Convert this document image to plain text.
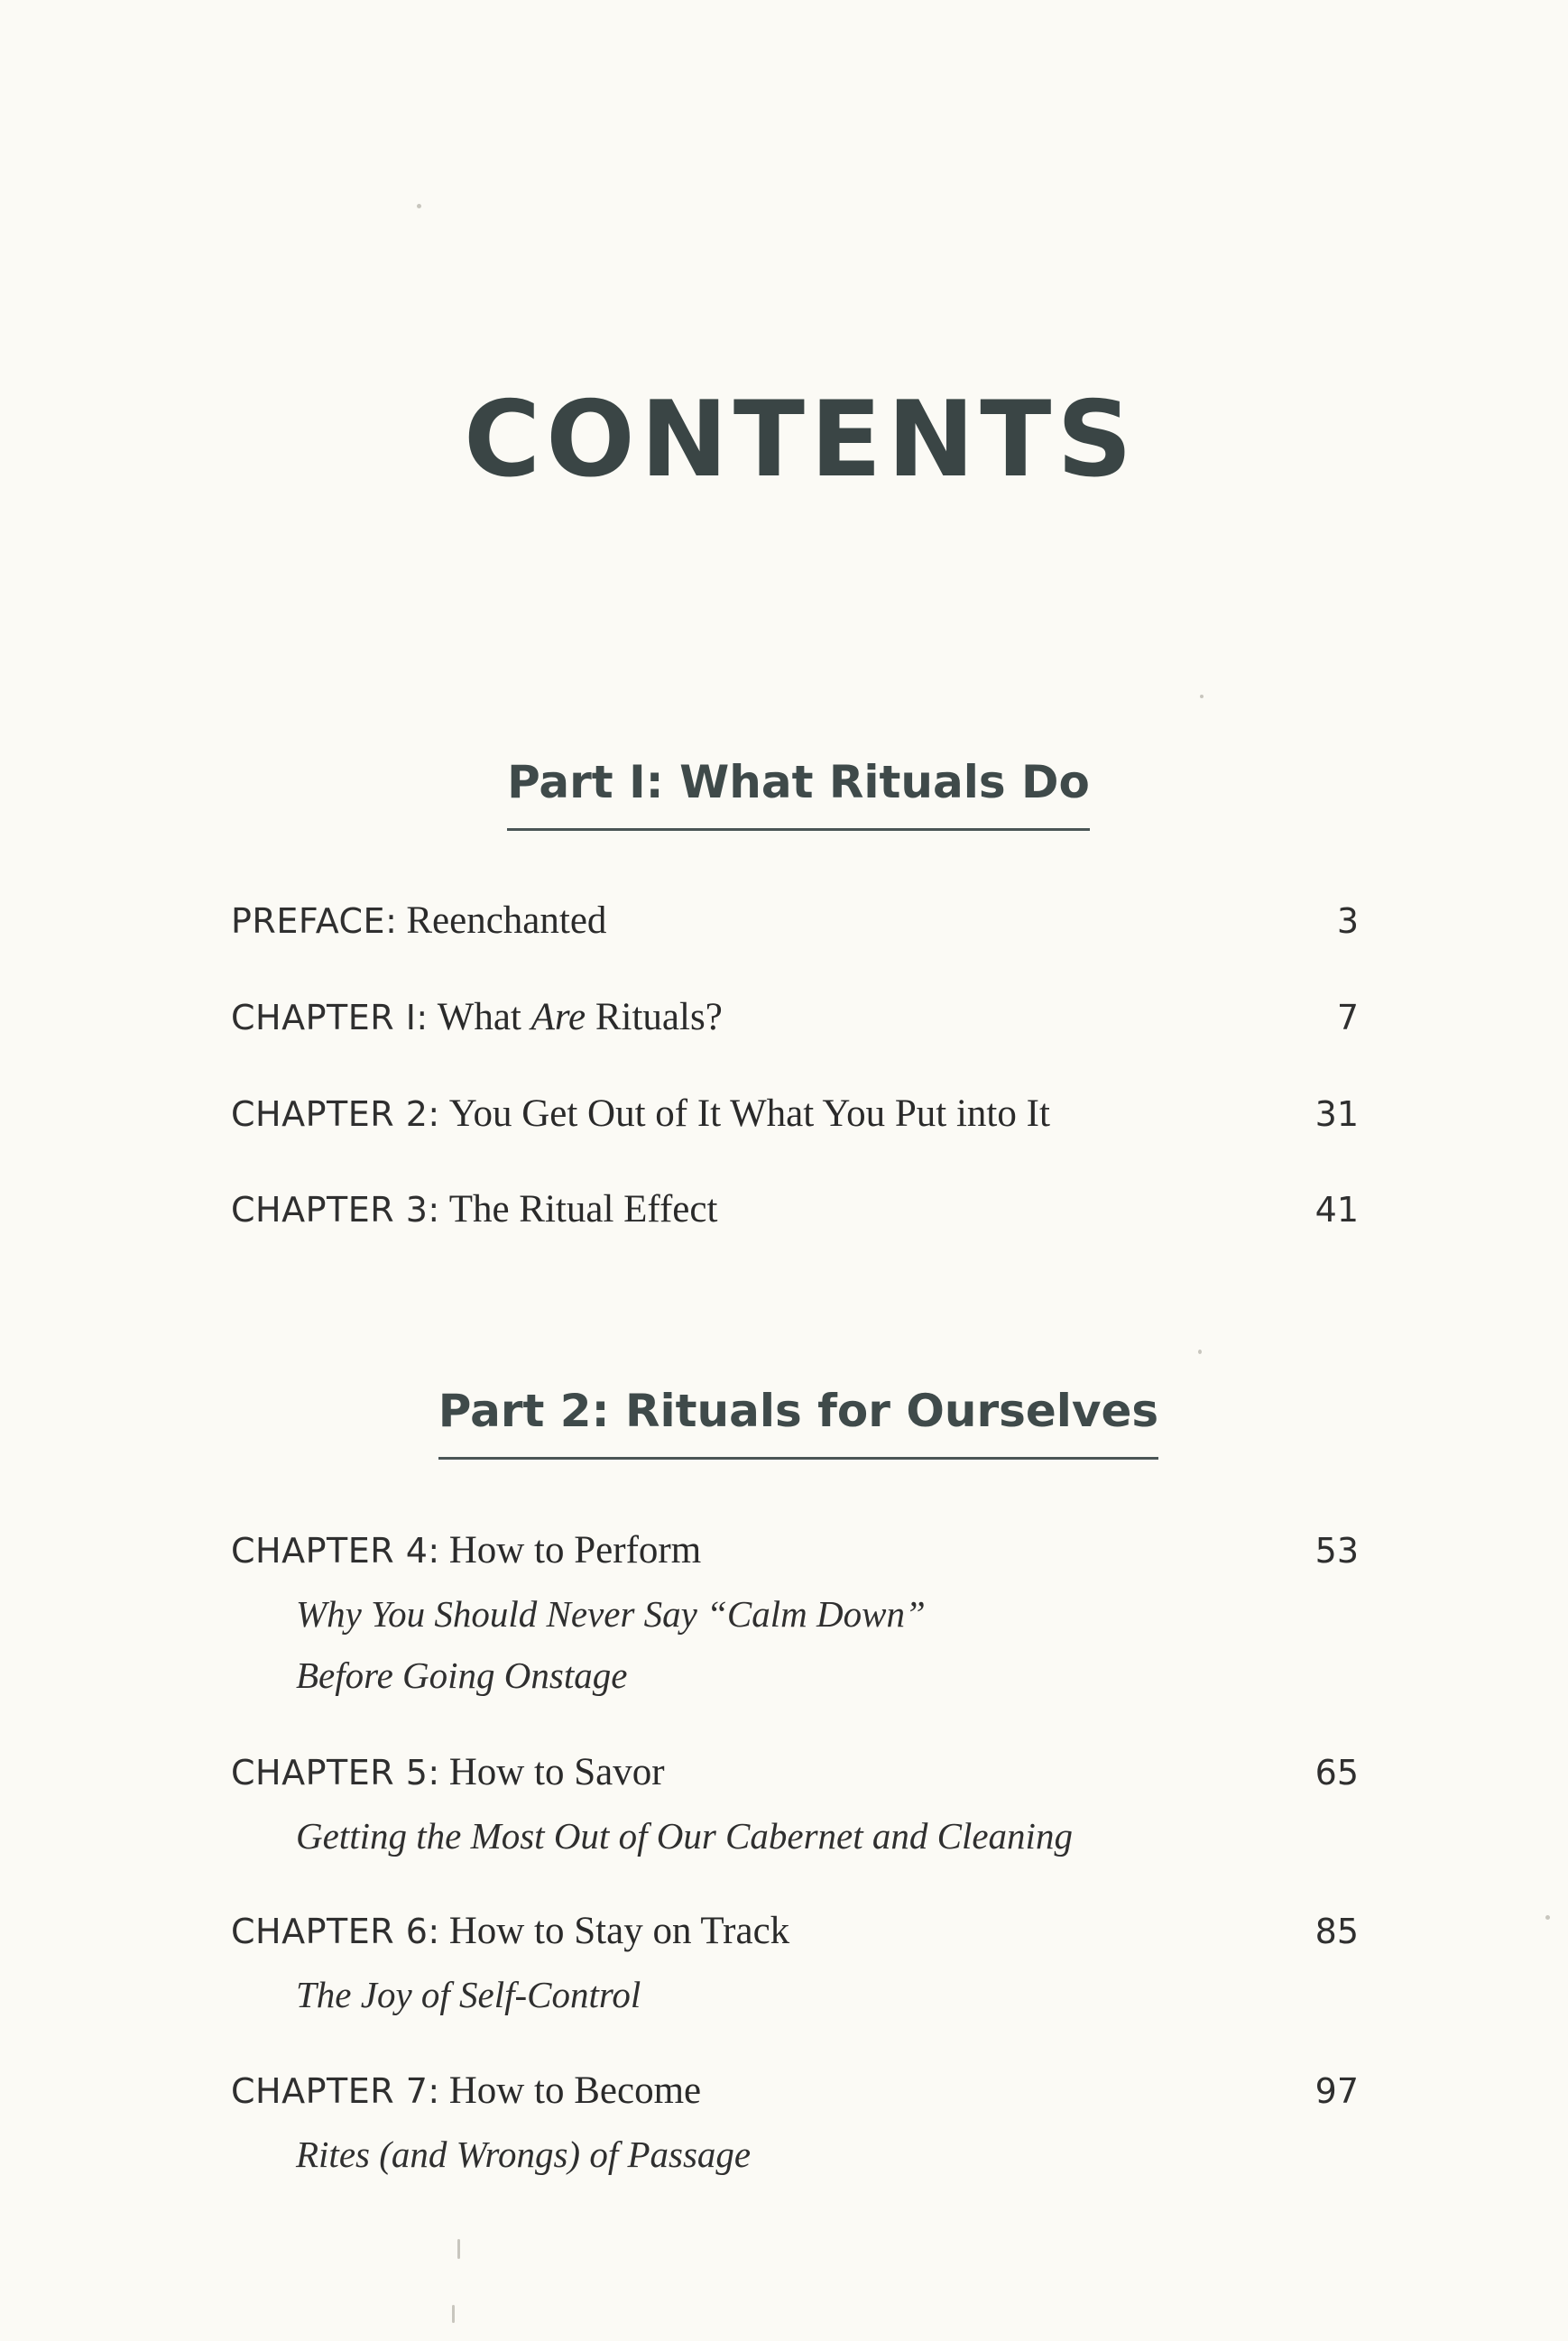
CONTENTS
Part I: What Rituals Do
PREFACE: Reenchanted	3
CHAPTER I: What Are Rituals?	7
CHAPTER 2: You Get Out of It What You Put into It	31
CHAPTER 3: The Ritual Effect	41
Part 2: Rituals for Ourselves
CHAPTER 4: How to Perform	53
Why You Should Never Say “Calm Down”
Before Going Onstage
CHAPTER 5: How to Savor	65
Getting the Most Out of Our Cabernet and Cleaning
CHAPTER 6: How to Stay on Track	85
The Joy of Self-Control
CHAPTER 7: How to Become	97
Rites (and Wrongs) of Passage
